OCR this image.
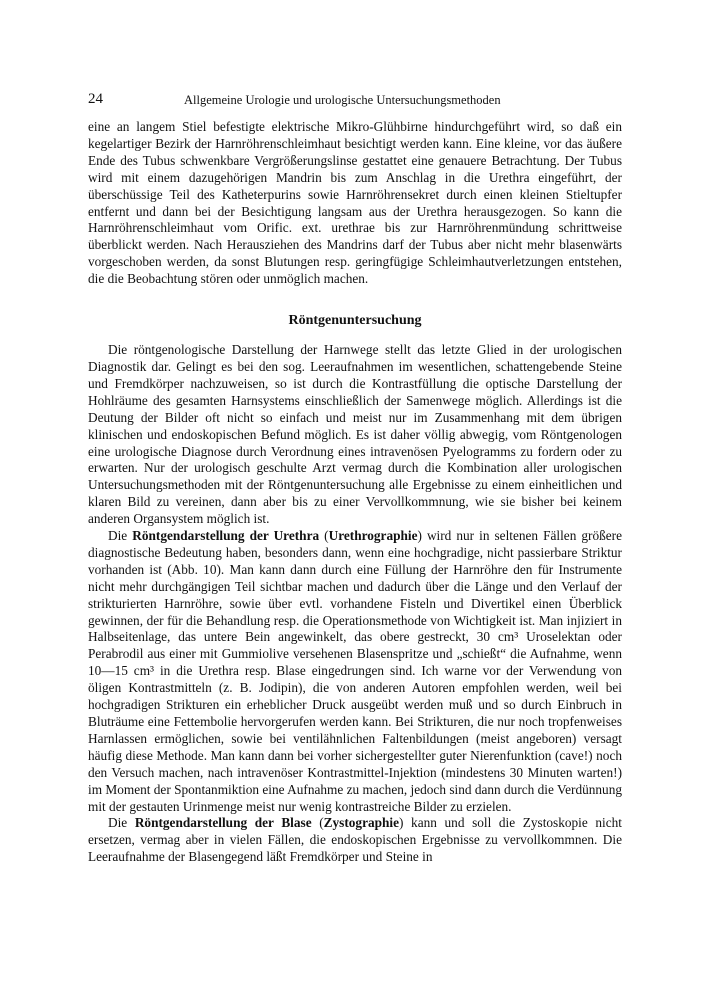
24	Allgemeine Urologie und urologische Untersuchungsmethoden

eine an langem Stiel befestigte elektrische Mikro-Glühbirne hindurchgeführt wird, so daß ein kegelartiger Bezirk der Harnröhrenschleimhaut besichtigt werden kann. Eine kleine, vor das äußere Ende des Tubus schwenkbare Vergrößerungslinse gestattet eine genauere Betrachtung. Der Tubus wird mit einem dazugehörigen Mandrin bis zum Anschlag in die Urethra eingeführt, der überschüssige Teil des Katheterpurins sowie Harnröhrensekret durch einen kleinen Stieltupfer entfernt und dann bei der Besichtigung langsam aus der Urethra herausgezogen. So kann die Harnröhrenschleimhaut vom Orific. ext. urethrae bis zur Harnröhrenmündung schrittweise überblickt werden. Nach Herausziehen des Mandrins darf der Tubus aber nicht mehr blasenwärts vorgeschoben werden, da sonst Blutungen resp. geringfügige Schleimhautverletzungen entstehen, die die Beobachtung stören oder unmöglich machen.

Röntgenuntersuchung

Die röntgenologische Darstellung der Harnwege stellt das letzte Glied in der urologischen Diagnostik dar. Gelingt es bei den sog. Leeraufnahmen im wesentlichen, schattengebende Steine und Fremdkörper nachzuweisen, so ist durch die Kontrastfüllung die optische Darstellung der Hohlräume des gesamten Harnsystems einschließlich der Samenwege möglich. Allerdings ist die Deutung der Bilder oft nicht so einfach und meist nur im Zusammenhang mit dem übrigen klinischen und endoskopischen Befund möglich. Es ist daher völlig abwegig, vom Röntgenologen eine urologische Diagnose durch Verordnung eines intravenösen Pyelogramms zu fordern oder zu erwarten. Nur der urologisch geschulte Arzt vermag durch die Kombination aller urologischen Untersuchungsmethoden mit der Röntgenuntersuchung alle Ergebnisse zu einem einheitlichen und klaren Bild zu vereinen, dann aber bis zu einer Vervollkommnung, wie sie bisher bei keinem anderen Organsystem möglich ist.

Die Röntgendarstellung der Urethra (Urethrographie) wird nur in seltenen Fällen größere diagnostische Bedeutung haben, besonders dann, wenn eine hochgradige, nicht passierbare Striktur vorhanden ist (Abb. 10). Man kann dann durch eine Füllung der Harnröhre den für Instrumente nicht mehr durchgängigen Teil sichtbar machen und dadurch über die Länge und den Verlauf der strikturierten Harnröhre, sowie über evtl. vorhandene Fisteln und Divertikel einen Überblick gewinnen, der für die Behandlung resp. die Operationsmethode von Wichtigkeit ist. Man injiziert in Halbseitenlage, das untere Bein angewinkelt, das obere gestreckt, 30 cm³ Uroselektan oder Perabrodil aus einer mit Gummiolive versehenen Blasenspritze und „schießt“ die Aufnahme, wenn 10—15 cm³ in die Urethra resp. Blase eingedrungen sind. Ich warne vor der Verwendung von öligen Kontrastmitteln (z. B. Jodipin), die von anderen Autoren empfohlen werden, weil bei hochgradigen Strikturen ein erheblicher Druck ausgeübt werden muß und so durch Einbruch in Bluträume eine Fettembolie hervorgerufen werden kann. Bei Strikturen, die nur noch tropfenweises Harnlassen ermöglichen, sowie bei ventilähnlichen Faltenbildungen (meist angeboren) versagt häufig diese Methode. Man kann dann bei vorher sichergestellter guter Nierenfunktion (cave!) noch den Versuch machen, nach intravenöser Kontrastmittel-Injektion (mindestens 30 Minuten warten!) im Moment der Spontanmiktion eine Aufnahme zu machen, jedoch sind dann durch die Verdünnung mit der gestauten Urinmenge meist nur wenig kontrastreiche Bilder zu erzielen.

Die Röntgendarstellung der Blase (Zystographie) kann und soll die Zystoskopie nicht ersetzen, vermag aber in vielen Fällen, die endoskopischen Ergebnisse zu vervollkommnen. Die Leeraufnahme der Blasengegend läßt Fremdkörper und Steine in
